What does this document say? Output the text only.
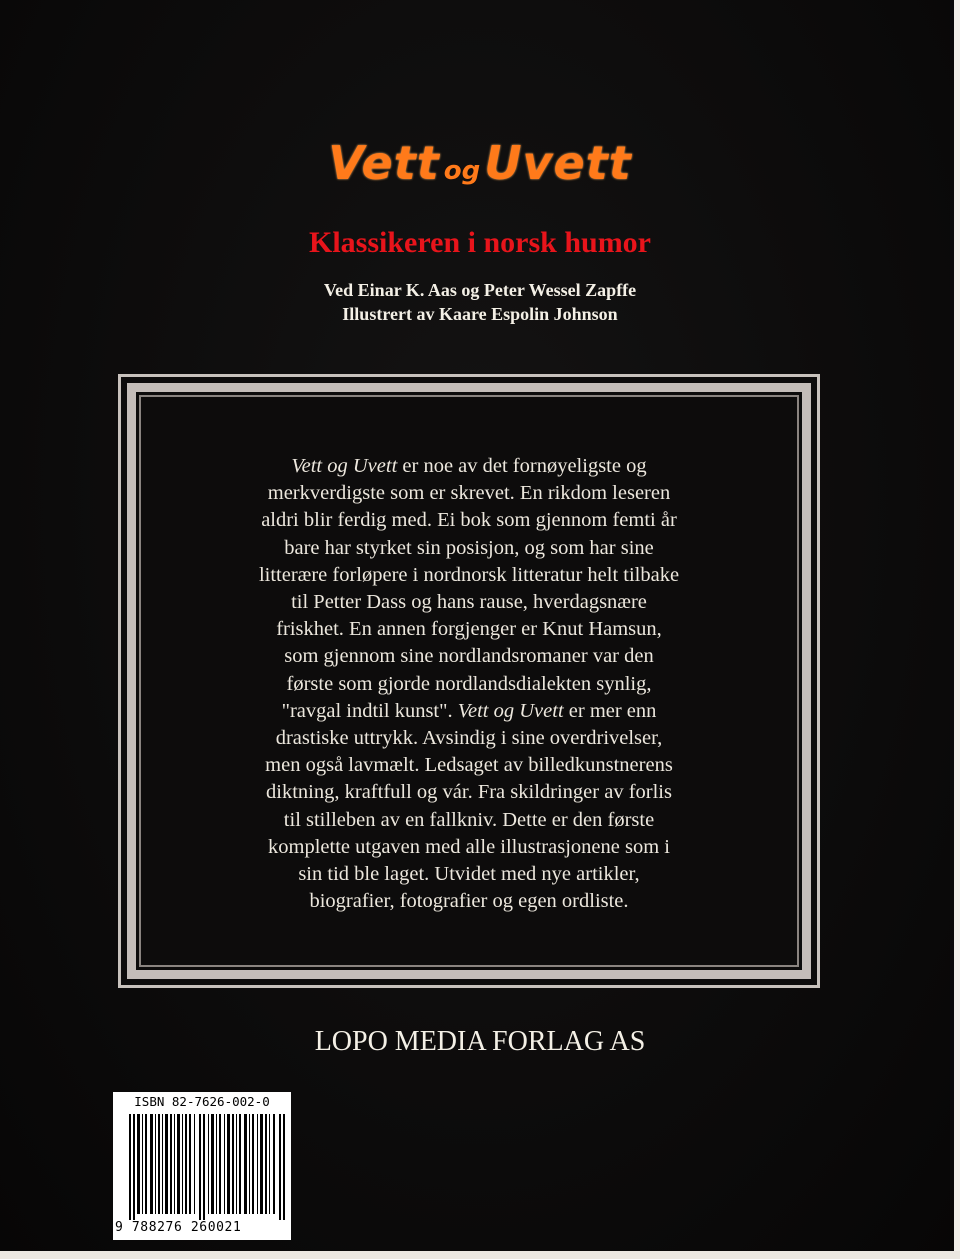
Vett ogUvett
Klassikeren i norsk humor
Ved Einar K. Aas og Peter Wessel Zapffe
Illustrert av Kaare Espolin Johnson

Vett og Uvett er noe av det fornøyeligste og
merkverdigste som er skrevet. En rikdom leseren
aldri blir ferdig med. Ei bok som gjennom femti år
bare har styrket sin posisjon, og som har sine
litterære forløpere i nordnorsk litteratur helt tilbake
til Petter Dass og hans rause, hverdagsnære
friskhet. En annen forgjenger er Knut Hamsun,
som gjennom sine nordlandsromaner var den
første som gjorde nordlandsdialekten synlig,
"ravgal indtil kunst". Vett og Uvett er mer enn
drastiske uttrykk. Avsindig i sine overdrivelser,
men også lavmælt. Ledsaget av billedkunstnerens
diktning, kraftfull og vár. Fra skildringer av forlis
til stilleben av en fallkniv. Dette er den første
komplette utgaven med alle illustrasjonene som i
sin tid ble laget. Utvidet med nye artikler,
biografier, fotografier og egen ordliste.

LOPO MEDIA FORLAG AS
ISBN 82-7626-002-0
9 788276 260021
